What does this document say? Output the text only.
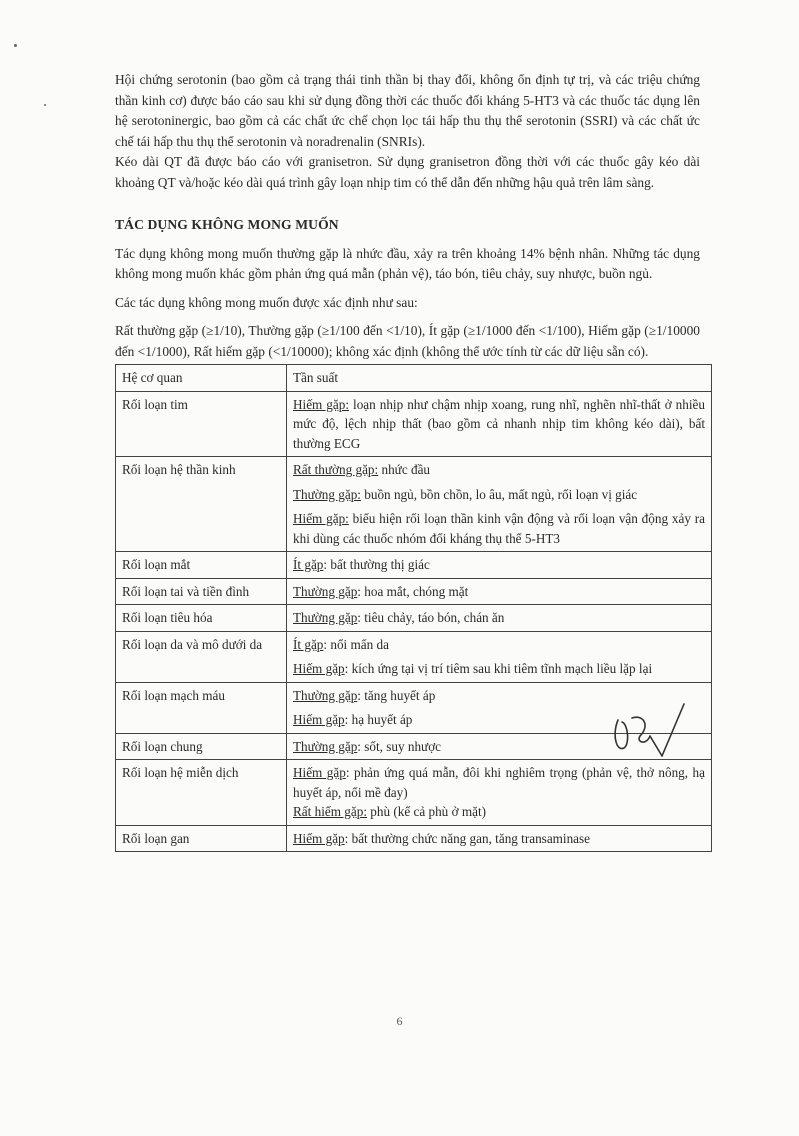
Hội chứng serotonin (bao gồm cả trạng thái tinh thần bị thay đổi, không ổn định tự trị, và các triệu chứng thần kinh cơ) được báo cáo sau khi sử dụng đồng thời các thuốc đối kháng 5-HT3 và các thuốc tác dụng lên hệ serotoninergic, bao gồm cả các chất ức chế chọn lọc tái hấp thu thụ thể serotonin (SSRI) và các chất ức chế tái hấp thu thụ thể serotonin và noradrenalin (SNRIs).

Kéo dài QT đã được báo cáo với granisetron. Sử dụng granisetron đồng thời với các thuốc gây kéo dài khoảng QT và/hoặc kéo dài quá trình gây loạn nhịp tim có thể dẫn đến những hậu quả trên lâm sàng.

TÁC DỤNG KHÔNG MONG MUỐN

Tác dụng không mong muốn thường gặp là nhức đầu, xảy ra trên khoảng 14% bệnh nhân. Những tác dụng không mong muốn khác gồm phản ứng quá mẫn (phản vệ), táo bón, tiêu chảy, suy nhược, buồn ngủ.

Các tác dụng không mong muốn được xác định như sau:

Rất thường gặp (≥1/10), Thường gặp (≥1/100 đến <1/10), Ít gặp (≥1/1000 đến <1/100), Hiếm gặp (≥1/10000 đến <1/1000), Rất hiếm gặp (<1/10000); không xác định (không thể ước tính từ các dữ liệu sẵn có).

Hệ cơ quan	Tần suất
Rối loạn tim	Hiếm gặp: loạn nhịp như chậm nhịp xoang, rung nhĩ, nghẽn nhĩ-thất ở nhiều mức độ, lệch nhịp thất (bao gồm cả nhanh nhịp tim không kéo dài), bất thường ECG

Rối loạn hệ thần kinh	Rất thường gặp: nhức đầu

Thường gặp: buồn ngủ, bồn chồn, lo âu, mất ngủ, rối loạn vị giác

Hiếm gặp: biểu hiện rối loạn thần kinh vận động và rối loạn vận động xảy ra khi dùng các thuốc nhóm đối kháng thụ thể 5-HT3

Rối loạn mắt	Ít gặp: bất thường thị giác

Rối loạn tai và tiền đình	Thường gặp: hoa mắt, chóng mặt

Rối loạn tiêu hóa	Thường gặp: tiêu chảy, táo bón, chán ăn

Rối loạn da và mô dưới da	Ít gặp: nổi mẩn da

Hiếm gặp: kích ứng tại vị trí tiêm sau khi tiêm tĩnh mạch liều lặp lại

Rối loạn mạch máu	Thường gặp: tăng huyết áp

Hiếm gặp: hạ huyết áp

Rối loạn chung	Thường gặp: sốt, suy nhược

Rối loạn hệ miễn dịch	Hiếm gặp: phản ứng quá mẫn, đôi khi nghiêm trọng (phản vệ, thở nông, hạ huyết áp, nổi mề đay)

Rất hiếm gặp: phù (kể cả phù ở mặt)

Rối loạn gan	Hiếm gặp: bất thường chức năng gan, tăng transaminase

6
